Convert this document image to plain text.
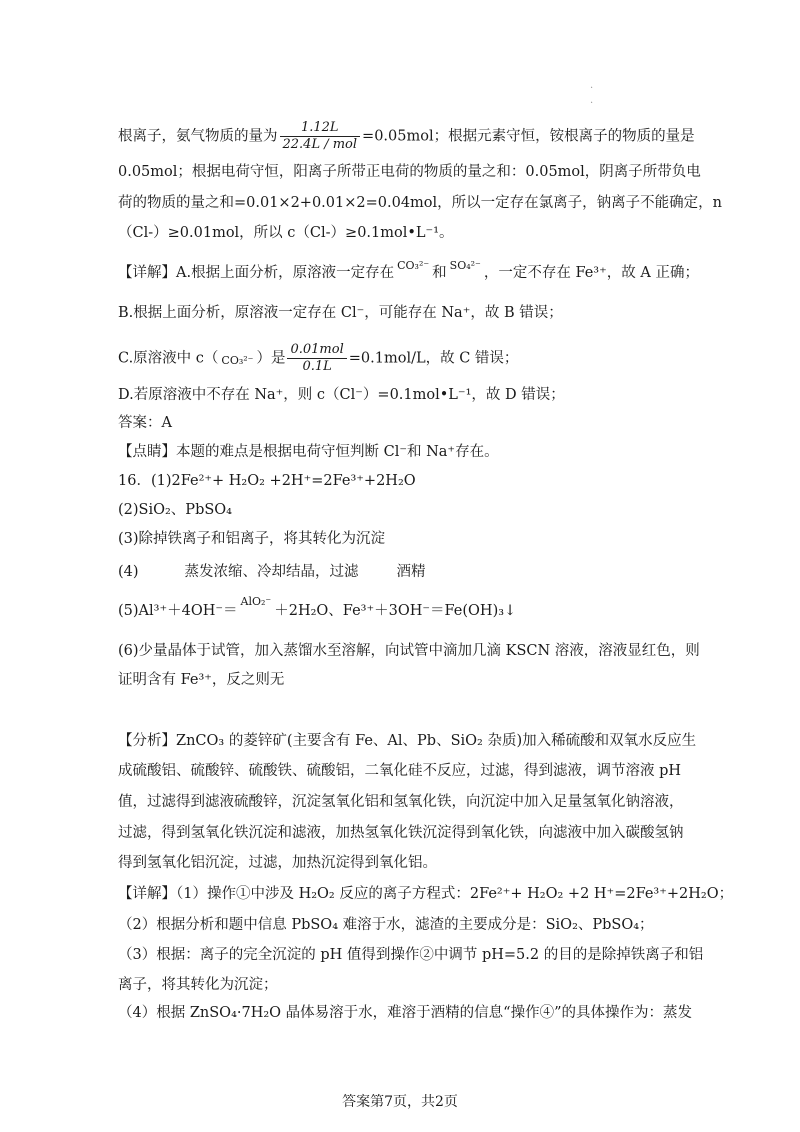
.
.
根离子，氨气物质的量为 $\frac{1.12L}{\text{22.4L / mol}} =0.05mol$；根据元素守恒，铵根离子的物质的量是
0.05mol；根据电荷守恒，阳离子所带正电荷的物质的量之和：0.05mol，阴离子所带负电
荷的物质的量之和=0.01×2+0.01×2=0.04mol，所以一定存在氯离子，钠离子不能确定，n
（Cl-）≥0.01mol，所以 c（Cl-）≥0.1mol•L⁻¹。
【详解】A.根据上面分析，原溶液一定存在 CO₃²⁻ 和 SO₄²⁻ ，一定不存在 Fe³⁺，故 A 正确；
B.根据上面分析，原溶液一定存在 Cl⁻，可能存在 Na⁺，故 B 错误；
C.原溶液中 c（ CO₃²⁻ ）是 $\frac{\text{0.01mol}}{0.1L} =0.1mol/L$，故 C 错误；
D.若原溶液中不存在 Na⁺，则 c（Cl⁻）=0.1mol•L⁻¹，故 D 错误；
答案：A
【点睛】本题的难点是根据电荷守恒判断 Cl⁻和 Na⁺存在。
16．(1)2Fe²⁺+ H₂O₂ +2H⁺=2Fe³⁺+2H₂O
(2)SiO₂、PbSO₄
(3)除掉铁离子和铝离子，将其转化为沉淀
(4)	蒸发浓缩、冷却结晶，过滤	酒精
(5)Al³⁺＋4OH⁻＝AlO₂⁻＋2H₂O、Fe³⁺＋3OH⁻＝Fe(OH)₃↓
(6)少量晶体于试管，加入蒸馏水至溶解，向试管中滴加几滴 KSCN 溶液，溶液显红色，则
证明含有 Fe³⁺，反之则无
【分析】ZnCO₃ 的菱锌矿(主要含有 Fe、Al、Pb、SiO₂ 杂质)加入稀硫酸和双氧水反应生
成硫酸铝、硫酸锌、硫酸铁、硫酸铝，二氧化硅不反应，过滤，得到滤液，调节溶液 pH
值，过滤得到滤液硫酸锌，沉淀氢氧化铝和氢氧化铁，向沉淀中加入足量氢氧化钠溶液，
过滤，得到氢氧化铁沉淀和滤液，加热氢氧化铁沉淀得到氧化铁，向滤液中加入碳酸氢钠
得到氢氧化铝沉淀，过滤，加热沉淀得到氧化铝。
【详解】（1）操作①中涉及 H₂O₂ 反应的离子方程式：2Fe²⁺+ H₂O₂ +2 H⁺=2Fe³⁺+2H₂O；
（2）根据分析和题中信息 PbSO₄ 难溶于水，滤渣的主要成分是：SiO₂、PbSO₄；
（3）根据：离子的完全沉淀的 pH 值得到操作②中调节 pH=5.2 的目的是除掉铁离子和铝
离子，将其转化为沉淀；
（4）根据 ZnSO₄·7H₂O 晶体易溶于水，难溶于酒精的信息“操作④”的具体操作为：蒸发
答案第7页，共2页
